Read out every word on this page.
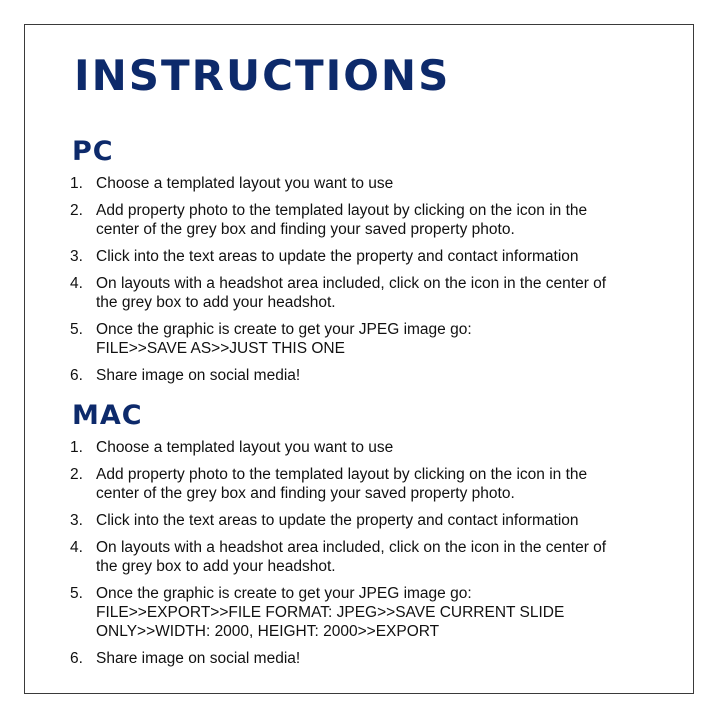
INSTRUCTIONS
PC
1. Choose a templated layout you want to use
2. Add property photo to the templated layout by clicking on the icon in the
center of the grey box and finding your saved property photo.
3. Click into the text areas to update the property and contact information
4. On layouts with a headshot area included, click on the icon in the center of
the grey box to add your headshot.
5. Once the graphic is create to get your JPEG image go:
FILE>>SAVE AS>>JUST THIS ONE
6. Share image on social media!
MAC
1. Choose a templated layout you want to use
2. Add property photo to the templated layout by clicking on the icon in the
center of the grey box and finding your saved property photo.
3. Click into the text areas to update the property and contact information
4. On layouts with a headshot area included, click on the icon in the center of
the grey box to add your headshot.
5. Once the graphic is create to get your JPEG image go:
FILE>>EXPORT>>FILE FORMAT: JPEG>>SAVE CURRENT SLIDE
ONLY>>WIDTH: 2000, HEIGHT: 2000>>EXPORT
6. Share image on social media!
